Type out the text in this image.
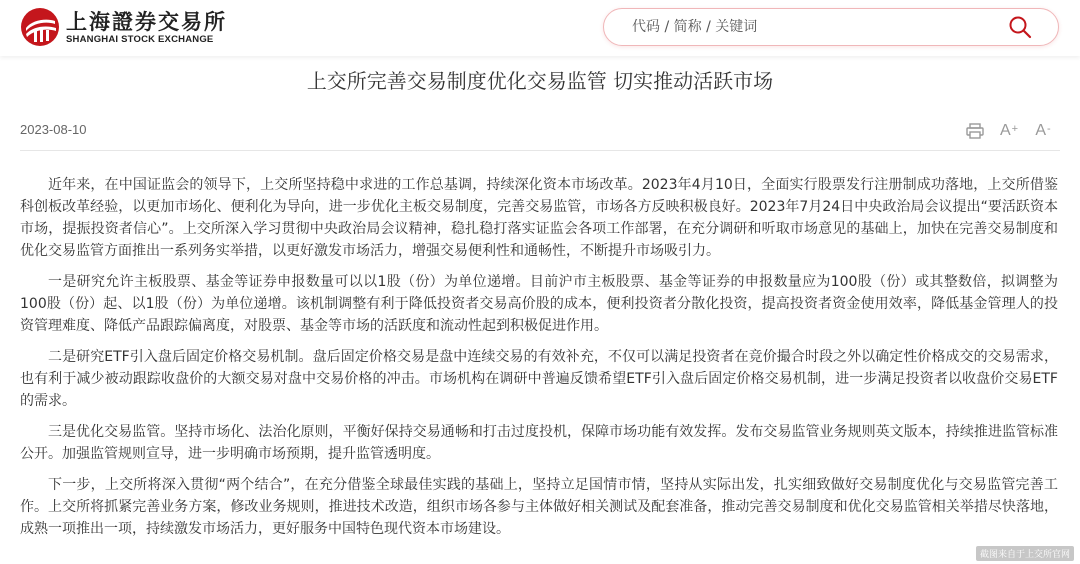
上海證券交易所
SHANGHAI STOCK EXCHANGE
代码 / 简称 / 关键词
上交所完善交易制度优化交易监管 切实推动活跃市场
2023-08-10	A+ A-

近年来，在中国证监会的领导下，上交所坚持稳中求进的工作总基调，持续深化资本市场改革。2023年4月10日，全面实行股票发行注册制成功落地，上交所借鉴科创板改革经验，以更加市场化、便利化为导向，进一步优化主板交易制度，完善交易监管，市场各方反映积极良好。2023年7月24日中央政治局会议提出“要活跃资本市场，提振投资者信心”。上交所深入学习贯彻中央政治局会议精神，稳扎稳打落实证监会各项工作部署，在充分调研和听取市场意见的基础上，加快在完善交易制度和优化交易监管方面推出一系列务实举措，以更好激发市场活力，增强交易便利性和通畅性，不断提升市场吸引力。

一是研究允许主板股票、基金等证券申报数量可以以1股（份）为单位递增。目前沪市主板股票、基金等证券的申报数量应为100股（份）或其整数倍，拟调整为100股（份）起、以1股（份）为单位递增。该机制调整有利于降低投资者交易高价股的成本，便利投资者分散化投资，提高投资者资金使用效率，降低基金管理人的投资管理难度、降低产品跟踪偏离度，对股票、基金等市场的活跃度和流动性起到积极促进作用。

二是研究ETF引入盘后固定价格交易机制。盘后固定价格交易是盘中连续交易的有效补充，不仅可以满足投资者在竞价撮合时段之外以确定性价格成交的交易需求，也有利于减少被动跟踪收盘价的大额交易对盘中交易价格的冲击。市场机构在调研中普遍反馈希望ETF引入盘后固定价格交易机制，进一步满足投资者以收盘价交易ETF的需求。

三是优化交易监管。坚持市场化、法治化原则，平衡好保持交易通畅和打击过度投机，保障市场功能有效发挥。发布交易监管业务规则英文版本，持续推进监管标准公开。加强监管规则宣导，进一步明确市场预期，提升监管透明度。

下一步，上交所将深入贯彻“两个结合”，在充分借鉴全球最佳实践的基础上，坚持立足国情市情，坚持从实际出发，扎实细致做好交易制度优化与交易监管完善工作。上交所将抓紧完善业务方案，修改业务规则，推进技术改造，组织市场各参与主体做好相关测试及配套准备，推动完善交易制度和优化交易监管相关举措尽快落地，成熟一项推出一项，持续激发市场活力，更好服务中国特色现代资本市场建设。

截图来自于上交所官网
